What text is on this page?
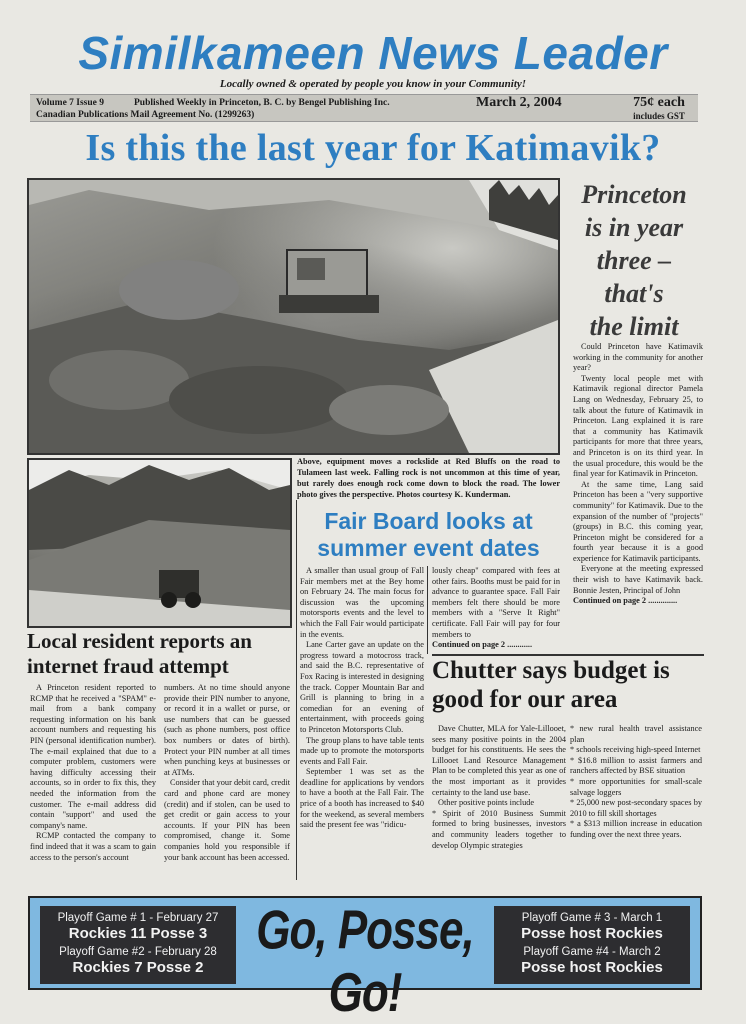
Similkameen News Leader
Locally owned & operated by people you know in your Community!
Volume 7 Issue 9	Published Weekly in Princeton, B. C. by Bengel Publishing Inc.
Canadian Publications Mail Agreement No. (1299263)
March 2, 2004	75¢ each
includes GST
Is this the last year for Katimavik?
Above, equipment moves a rockslide at Red Bluffs on the road to Tulameen last week. Falling rock is not uncommon at this time of year, but rarely does enough rock come down to block the road. The lower photo gives the perspective. Photos courtesy K. Kunderman.
Princeton
is in year
three –
that's
the limit

Could Princeton have Katimavik working in the community for another year?

Twenty local people met with Katimavik regional director Pamela Lang on Wednesday, February 25, to talk about the future of Katimavik in Princeton. Lang explained it is rare that a community has Katimavik participants for more that three years, and Princeton is on its third year. In the usual procedure, this would be the final year for Katimavik in Princeton.

At the same time, Lang said Princeton has been a "very supportive community" for Katimavik. Due to the expansion of the number of "projects" (groups) in B.C. this coming year, Princeton might be considered for a fourth year because it is a good experience for Katimavik participants.

Everyone at the meeting expressed their wish to have Katimavik back. Bonnie Jesten, Principal of John

Continued on page 2 ..............
Fair Board looks at summer event dates

A smaller than usual group of Fall Fair members met at the Bey home on February 24. The main focus for discussion was the upcoming motorsports events and the level to which the Fall Fair would participate in the events.

Lane Carter gave an update on the progress toward a motocross track, and said the B.C. representative of Fox Racing is interested in designing the track. Copper Mountain Bar and Grill is planning to bring in a comedian for an evening of entertainment, with proceeds going to Princeton Motorsports Club.

The group plans to have table tents made up to promote the motorsports events and Fall Fair.

September 1 was set as the deadline for applications by vendors to have a booth at the Fall Fair. The price of a booth has increased to $40 for the weekend, as several members said the present fee was "ridicu-

lously cheap" compared with fees at other fairs. Booths must be paid for in advance to guarantee space. Fall Fair members felt there should be more members with a "Serve It Right" certificate. Fall Fair will pay for four members to

Continued on page 2 ............
Local resident reports an internet fraud attempt

A Princeton resident reported to RCMP that he received a "SPAM" e-mail from a bank company requesting information on his bank account numbers and requesting his PIN (personal identification number). The e-mail explained that due to a computer problem, customers were having difficulty accessing their accounts, so in order to fix this, they needed the information from the customer. The e-mail address did contain "support" and used the company's name.

RCMP contacted the company to find indeed that it was a scam to gain access to the person's account

numbers. At no time should anyone provide their PIN number to anyone, or record it in a wallet or purse, or use numbers that can be guessed (such as phone numbers, post office box numbers or dates of birth). Protect your PIN number at all times when punching keys at businesses or at ATMs.

Consider that your debit card, credit card and phone card are money (credit) and if stolen, can be used to get credit or gain access to your accounts. If your PIN has been compromised, change it. Some companies hold you responsible if your bank account has been accessed.

Chutter says budget is good for our area

Dave Chutter, MLA for Yale-Lillooet, sees many positive points in the 2004 budget for his constituents. He sees the Lillooet Land Resource Management Plan to be completed this year as one of the most important as it provides certainty to the land use base.

Other positive points include

* Spirit of 2010 Business Summit formed to bring businesses, investors and community leaders together to develop Olympic strategies

* new rural health travel assistance plan

* schools receiving high-speed Internet

* $16.8 million to assist farmers and ranchers affected by BSE situation

* more opportunities for small-scale salvage loggers

* 25,000 new post-secondary spaces by 2010 to fill skill shortages

* a $313 million increase in education funding over the next three years.

Playoff Game # 1 - February 27
Rockies 11 Posse 3
Playoff Game #2 - February 28
Rockies 7 Posse 2
Go, Posse, Go!
Playoff Game # 3 - March 1
Posse host Rockies
Playoff Game #4 - March 2
Posse host Rockies
